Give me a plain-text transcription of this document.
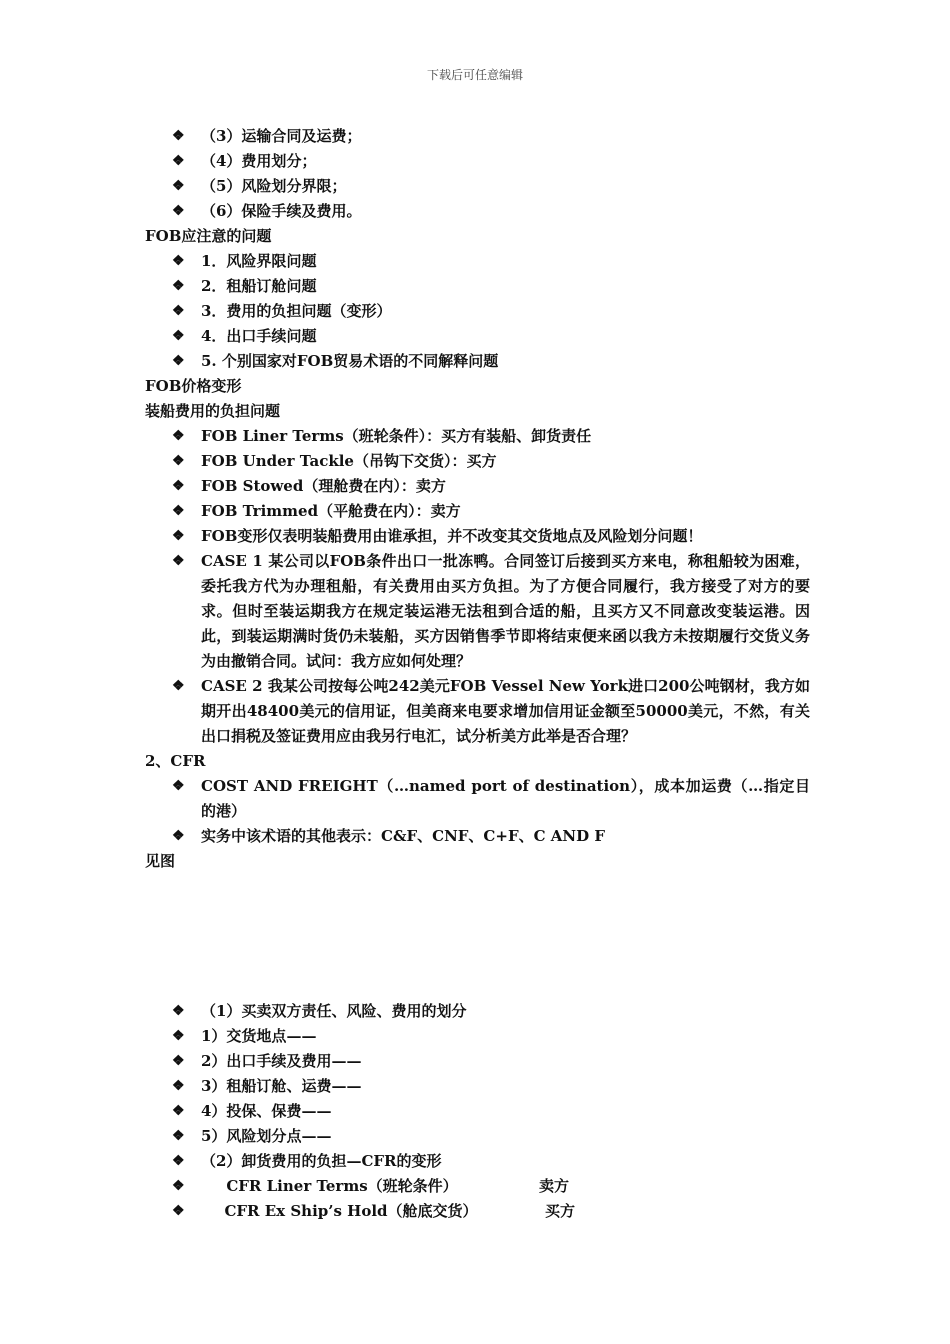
下载后可任意编辑
❖	（3）运输合同及运费；
❖	（4）费用划分；
❖	（5）风险划分界限；
❖	（6）保险手续及费用。
FOB应注意的问题
❖	1．风险界限问题
❖	2．租船订舱问题
❖	3．费用的负担问题（变形）
❖	4．出口手续问题
❖	5. 个别国家对FOB贸易术语的不同解释问题
FOB价格变形
装船费用的负担问题
❖	FOB Liner Terms（班轮条件）：买方有装船、卸货责任
❖	FOB Under Tackle（吊钩下交货）：买方
❖	FOB Stowed（理舱费在内）：卖方
❖	FOB Trimmed（平舱费在内）：卖方
❖	FOB变形仅表明装船费用由谁承担，并不改变其交货地点及风险划分问题！
❖	CASE 1 某公司以FOB条件出口一批冻鸭。合同签订后接到买方来电，称租船较为困难，委托我方代为办理租船，有关费用由买方负担。为了方便合同履行，我方接受了对方的要求。但时至装运期我方在规定装运港无法租到合适的船，且买方又不同意改变装运港。因此，到装运期满时货仍未装船，买方因销售季节即将结束便来函以我方未按期履行交货义务为由撤销合同。试问：我方应如何处理？
❖	CASE 2 我某公司按每公吨242美元FOB Vessel New York进口200公吨钢材，我方如期开出48400美元的信用证，但美商来电要求增加信用证金额至50000美元，不然，有关出口捐税及签证费用应由我另行电汇，试分析美方此举是否合理？
2、CFR
❖	COST AND FREIGHT（…named port of destination），成本加运费（…指定目的港）
❖	实务中该术语的其他表示：C&F、CNF、C+F、C AND F
见图
❖	（1）买卖双方责任、风险、费用的划分
❖	1）交货地点——
❖	2）出口手续及费用——
❖	3）租船订舱、运费——
❖	4）投保、保费——
❖	5）风险划分点——
❖	（2）卸货费用的负担—CFR的变形
❖	CFR Liner Terms（班轮条件）	卖方
❖	CFR Ex Ship’s Hold（舱底交货）	买方
